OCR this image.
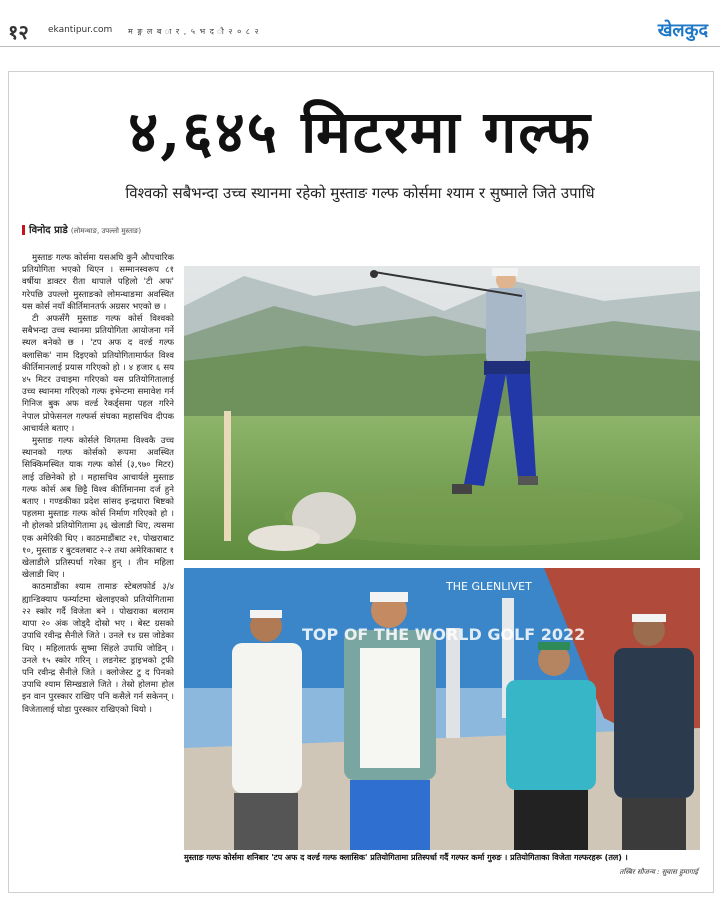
१२ ekantipur.com म ङ्ग ल ब ा र , ५ भ द ौ २ ० ८ २	खेलकुद
४,६४५ मिटरमा गल्फ
विश्वको सबैभन्दा उच्च स्थानमा रहेको मुस्ताङ गल्फ कोर्समा श्याम र सुष्माले जिते उपाधि
विनोद प्राडे (लोमन्थाङ, उपल्लो मुस्ताङ)

मुस्ताङ गल्फ कोर्समा यसअघि कुनै औपचारिक प्रतियोगिता भएको थिएन । सम्मानस्वरूप ८१ वर्षीया डाक्टर रीता थापाले पहिलो 'टी अफ' गरेपछि उपल्लो मुस्ताङको लोमन्थाङमा अवस्थित यस कोर्स नयाँ कीर्तिमानतर्फ अग्रसर भएको छ ।

टी अफसँगै मुस्ताङ गल्फ कोर्स विश्वको सबैभन्दा उच्च स्थानमा प्रतियोगिता आयोजना गर्ने स्थल बनेको छ । 'टप अफ द वर्ल्ड गल्फ क्लासिक' नाम दिइएको प्रतियोगितामार्फत विश्व कीर्तिमानलाई प्रयास गरिएको हो । ४ हजार ६ सय ४५ मिटर उचाइमा गरिएको यस प्रतियोगितालाई उच्च स्थानमा गरिएको गल्फ इभेन्टमा समावेश गर्न गिनिज बुक अफ वर्ल्ड रेकर्ड्समा पहल गरिने नेपाल प्रोफेसनल गल्फर्स संघका महासचिव दीपक आचार्यले बताए ।

मुस्ताङ गल्फ कोर्सले विगतमा विश्वकै उच्च स्थानको गल्फ कोर्सको रूपमा अवस्थित सिक्किमस्थित याक गल्फ कोर्स (३,९७० मिटर) लाई उछिनेको हो । महासचिव आचार्यले मुस्ताङ गल्फ कोर्स अब छिट्टै विश्व कीर्तिमानमा दर्ज हुने बताए । गण्डकीका प्रदेश सांसद इन्द्रधारा बिष्टको पहलमा मुस्ताङ गल्फ कोर्स निर्माण गरिएको हो । नौ होलको प्रतियोगितामा ३६ खेलाडी थिए, त्यसमा एक अमेरिकी थिए । काठमाडौंबाट २१, पोखराबाट १०, मुस्ताङ र बुटवलबाट २-२ तथा अमेरिकाबाट १ खेलाडीले प्रतिस्पर्धा गरेका हुन् । तीन महिला खेलाडी थिए ।

काठमाडौंका श्याम तामाङ स्टेबलफोर्ड ३/४ ह्यान्डिक्याप फर्म्याटमा खेलाइएको प्रतियोगितामा २२ स्कोर गर्दै विजेता बने । पोखराका बलराम थापा २० अंक जोड्दै दोस्रो भए । बेस्ट ग्रसको उपाधि रवीन्द्र सैनीले जिते । उनले १४ ग्रस जोडेका थिए । महिलातर्फ सुष्मा सिंहले उपाधि जोडिन् । उनले १५ स्कोर गरिन् । लङगेस्ट ड्राइभको ट्रफी पनि रवीन्द्र सैनीले जिते । क्लोजेस्ट टु द पिनको उपाधि श्याम सिम्खडाले जिते । तेस्रो होलमा होल इन वान पुरस्कार राखिए पनि कसैले गर्न सकेनन् । विजेतालाई घोडा पुरस्कार राखिएको थियो ।

THE GLENLIVET
TOP OF THE WORLD GOLF 2022
मुस्ताङ गल्फ कोर्समा शनिबार 'टप अफ द वर्ल्ड गल्फ क्लासिक' प्रतियोगितामा प्रतिस्पर्धा गर्दै गल्फर कर्मा गुरुङ । प्रतियोगिताका विजेता गल्फरहरू (तल) ।
तस्बिर सौजन्य : सुवास हुमागाई
